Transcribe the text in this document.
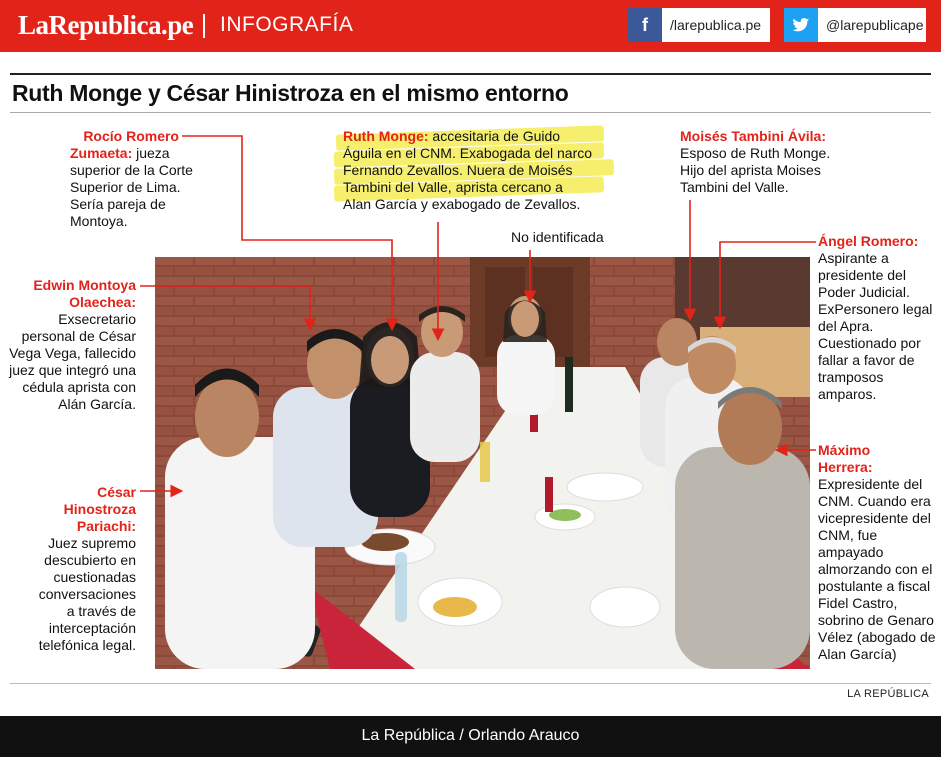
LaRepublica.pe INFOGRAFÍA	f	/larepublica.pe	@larepublicape
Ruth Monge y César Hinistroza en el mismo entorno
Rocío Romero
Zumaeta: jueza
superior de la Corte
Superior de Lima.
Sería pareja de
Montoya.
Ruth Monge: accesitaria de Guido
Águila en el CNM. Exabogada del narco
Fernando Zevallos. Nuera de Moisés
Tambini del Valle, aprista cercano a
Alan García y exabogado de Zevallos.
Moisés Tambini Ávila:
Esposo de Ruth Monge.
Hijo del aprista Moises
Tambini del Valle.
No identificada
Edwin Montoya
Olaechea:
Exsecretario
personal de César
Vega Vega, fallecido
juez que integró una
cédula aprista con
Alán García.
Ángel Romero:
Aspirante a
presidente del
Poder Judicial.
ExPersonero legal
del Apra.
Cuestionado por
fallar a favor de
tramposos
amparos.
César
Hinostroza
Pariachi:
Juez supremo
descubierto en
cuestionadas
conversaciones
a través de
interceptación
telefónica legal.
Máximo
Herrera:
Expresidente del
CNM. Cuando era
vicepresidente del
CNM, fue
ampayado
almorzando con el
postulante a fiscal
Fidel Castro,
sobrino de Genaro
Vélez (abogado de
Alan García)
LA REPÚBLICA
La República / Orlando Arauco
